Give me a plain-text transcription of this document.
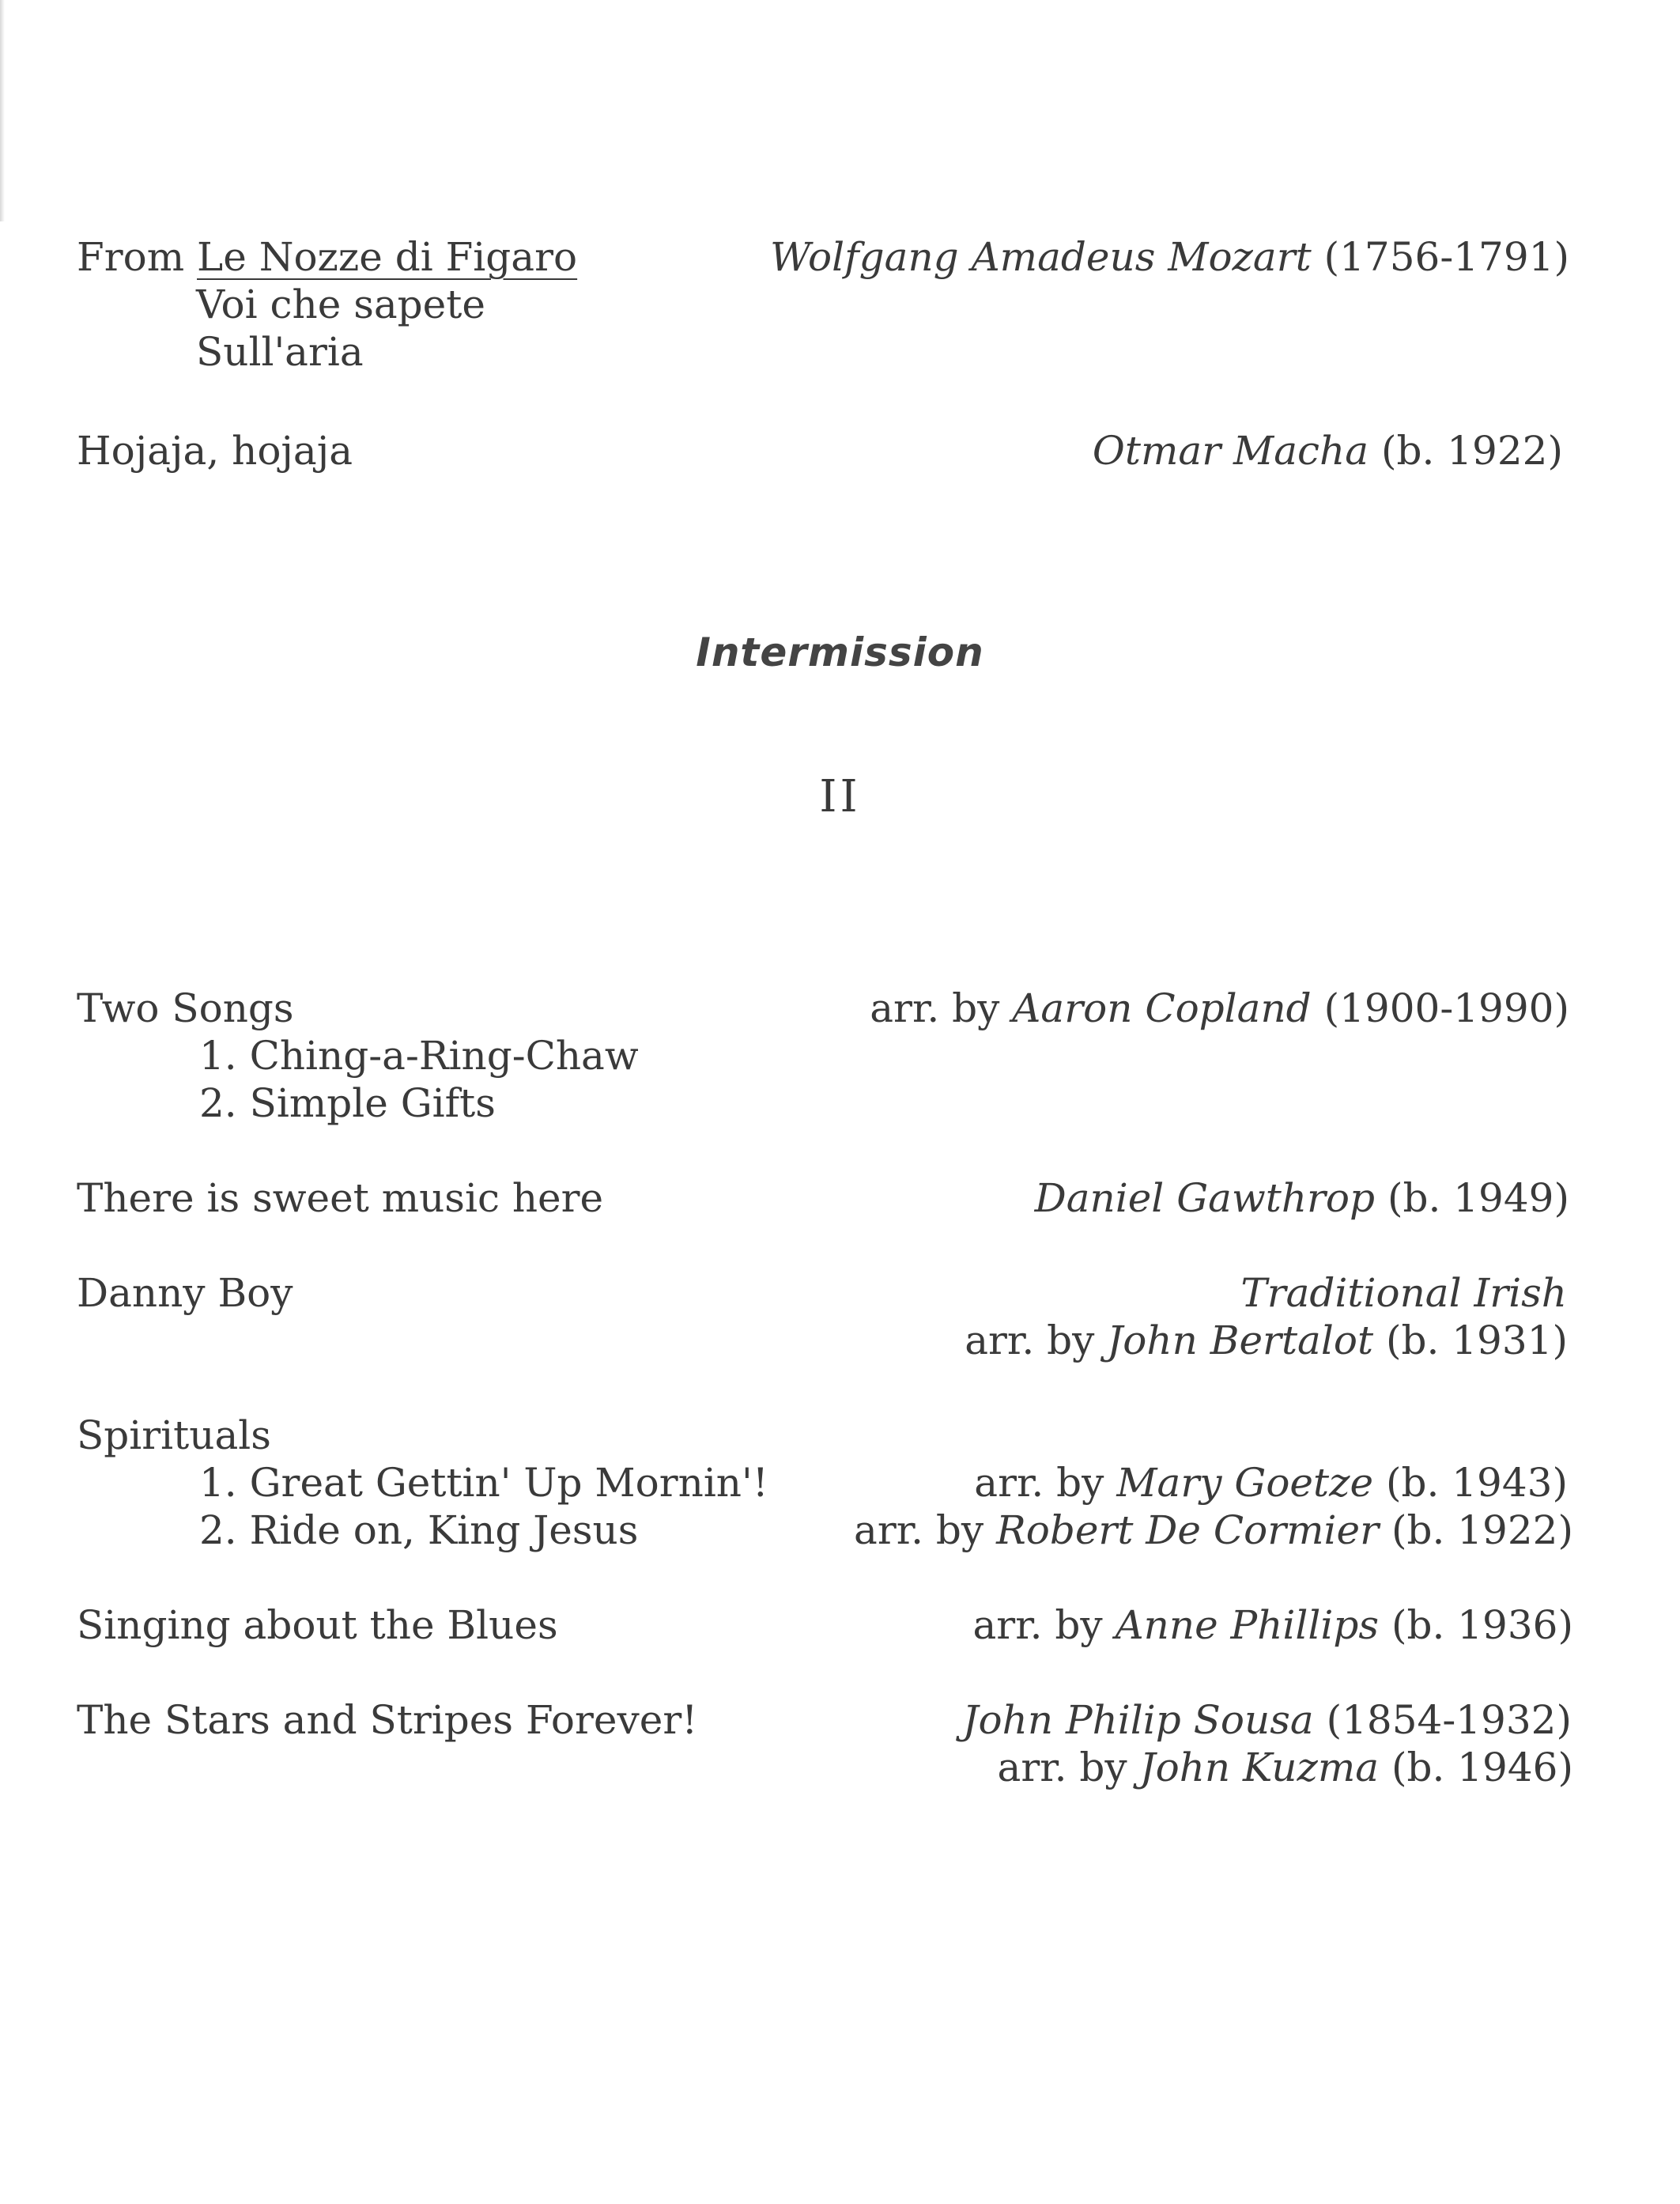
From Le Nozze di Figaro	Wolfgang Amadeus Mozart (1756-1791)
Voi che sapete
Sull'aria
Hojaja, hojaja	Otmar Macha (b. 1922)
Intermission
II
Two Songs	arr. by Aaron Copland (1900-1990)
1. Ching-a-Ring-Chaw
2. Simple Gifts
There is sweet music here	Daniel Gawthrop (b. 1949)
Danny Boy	Traditional Irish
arr. by John Bertalot (b. 1931)
Spirituals
1. Great Gettin' Up Mornin'!	arr. by Mary Goetze (b. 1943)
2. Ride on, King Jesus	arr. by Robert De Cormier (b. 1922)
Singing about the Blues	arr. by Anne Phillips (b. 1936)
The Stars and Stripes Forever!	John Philip Sousa (1854-1932)
arr. by John Kuzma (b. 1946)
